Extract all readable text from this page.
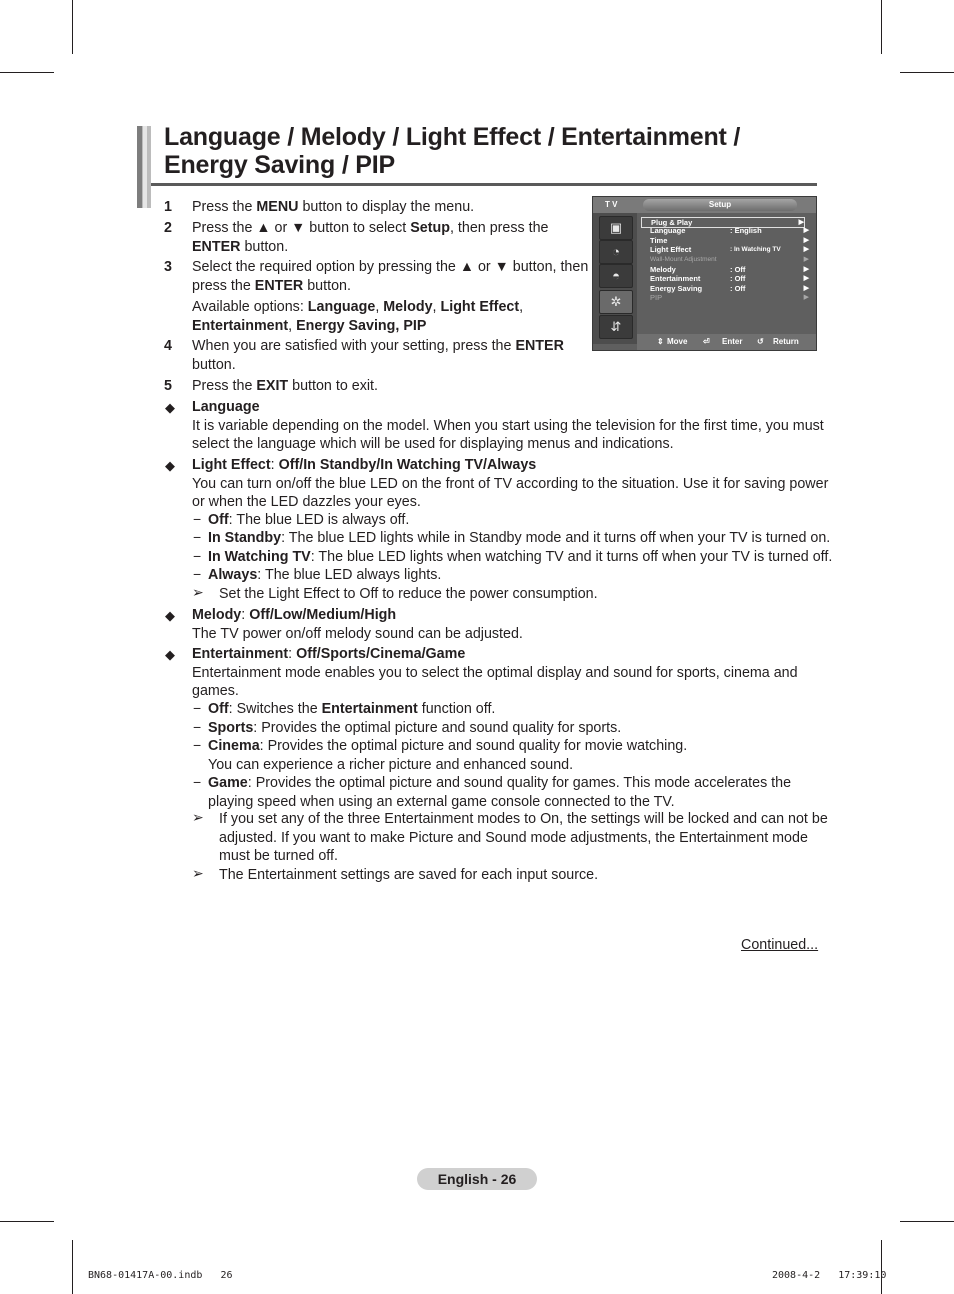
Language / Melody / Light Effect / Entertainment /
Energy Saving / PIP
1 Press the MENU button to display the menu.
2 Press the ▲ or ▼ button to select Setup, then press the
ENTER button.
3 Select the required option by pressing the ▲ or ▼ button, then
press the ENTER button.
Available options: Language, Melody, Light Effect,
Entertainment, Energy Saving, PIP
4 When you are satisfied with your setting, press the ENTER
button.
5 Press the EXIT button to exit.
◆ Language
It is variable depending on the model. When you start using the television for the first time, you must
select the language which will be used for displaying menus and indications.
◆ Light Effect: Off/In Standby/In Watching TV/Always
You can turn on/off the blue LED on the front of TV according to the situation. Use it for saving power
or when the LED dazzles your eyes.
− Off: The blue LED is always off.
− In Standby: The blue LED lights while in Standby mode and it turns off when your TV is turned on.
− In Watching TV: The blue LED lights when watching TV and it turns off when your TV is turned off.
− Always: The blue LED always lights.
➢ Set the Light Effect to Off to reduce the power consumption.
◆ Melody: Off/Low/Medium/High
The TV power on/off melody sound can be adjusted.
◆ Entertainment: Off/Sports/Cinema/Game
Entertainment mode enables you to select the optimal display and sound for sports, cinema and
games.
− Off: Switches the Entertainment function off.
− Sports: Provides the optimal picture and sound quality for sports.
− Cinema: Provides the optimal picture and sound quality for movie watching.
You can experience a richer picture and enhanced sound.
− Game: Provides the optimal picture and sound quality for games. This mode accelerates the
playing speed when using an external game console connected to the TV.
➢ If you set any of the three Entertainment modes to On, the settings will be locked and can not be
adjusted. If you want to make Picture and Sound mode adjustments, the Entertainment mode
must be turned off.
➢ The Entertainment settings are saved for each input source.
T V	Setup
▣
◔
◓
✲
⇵
Plug & Play	▶
Language	: English	▶
Time	▶
Light Effect	: In Watching TV	▶
Wall-Mount Adjustment	▶
Melody	: Off	▶
Entertainment	: Off	▶
Energy Saving	: Off	▶
PIP	▶
⇕ Move ⏎ Enter ↺ Return
Continued...
English - 26
BN68-01417A-00.indb   26	2008-4-2   17:39:10
